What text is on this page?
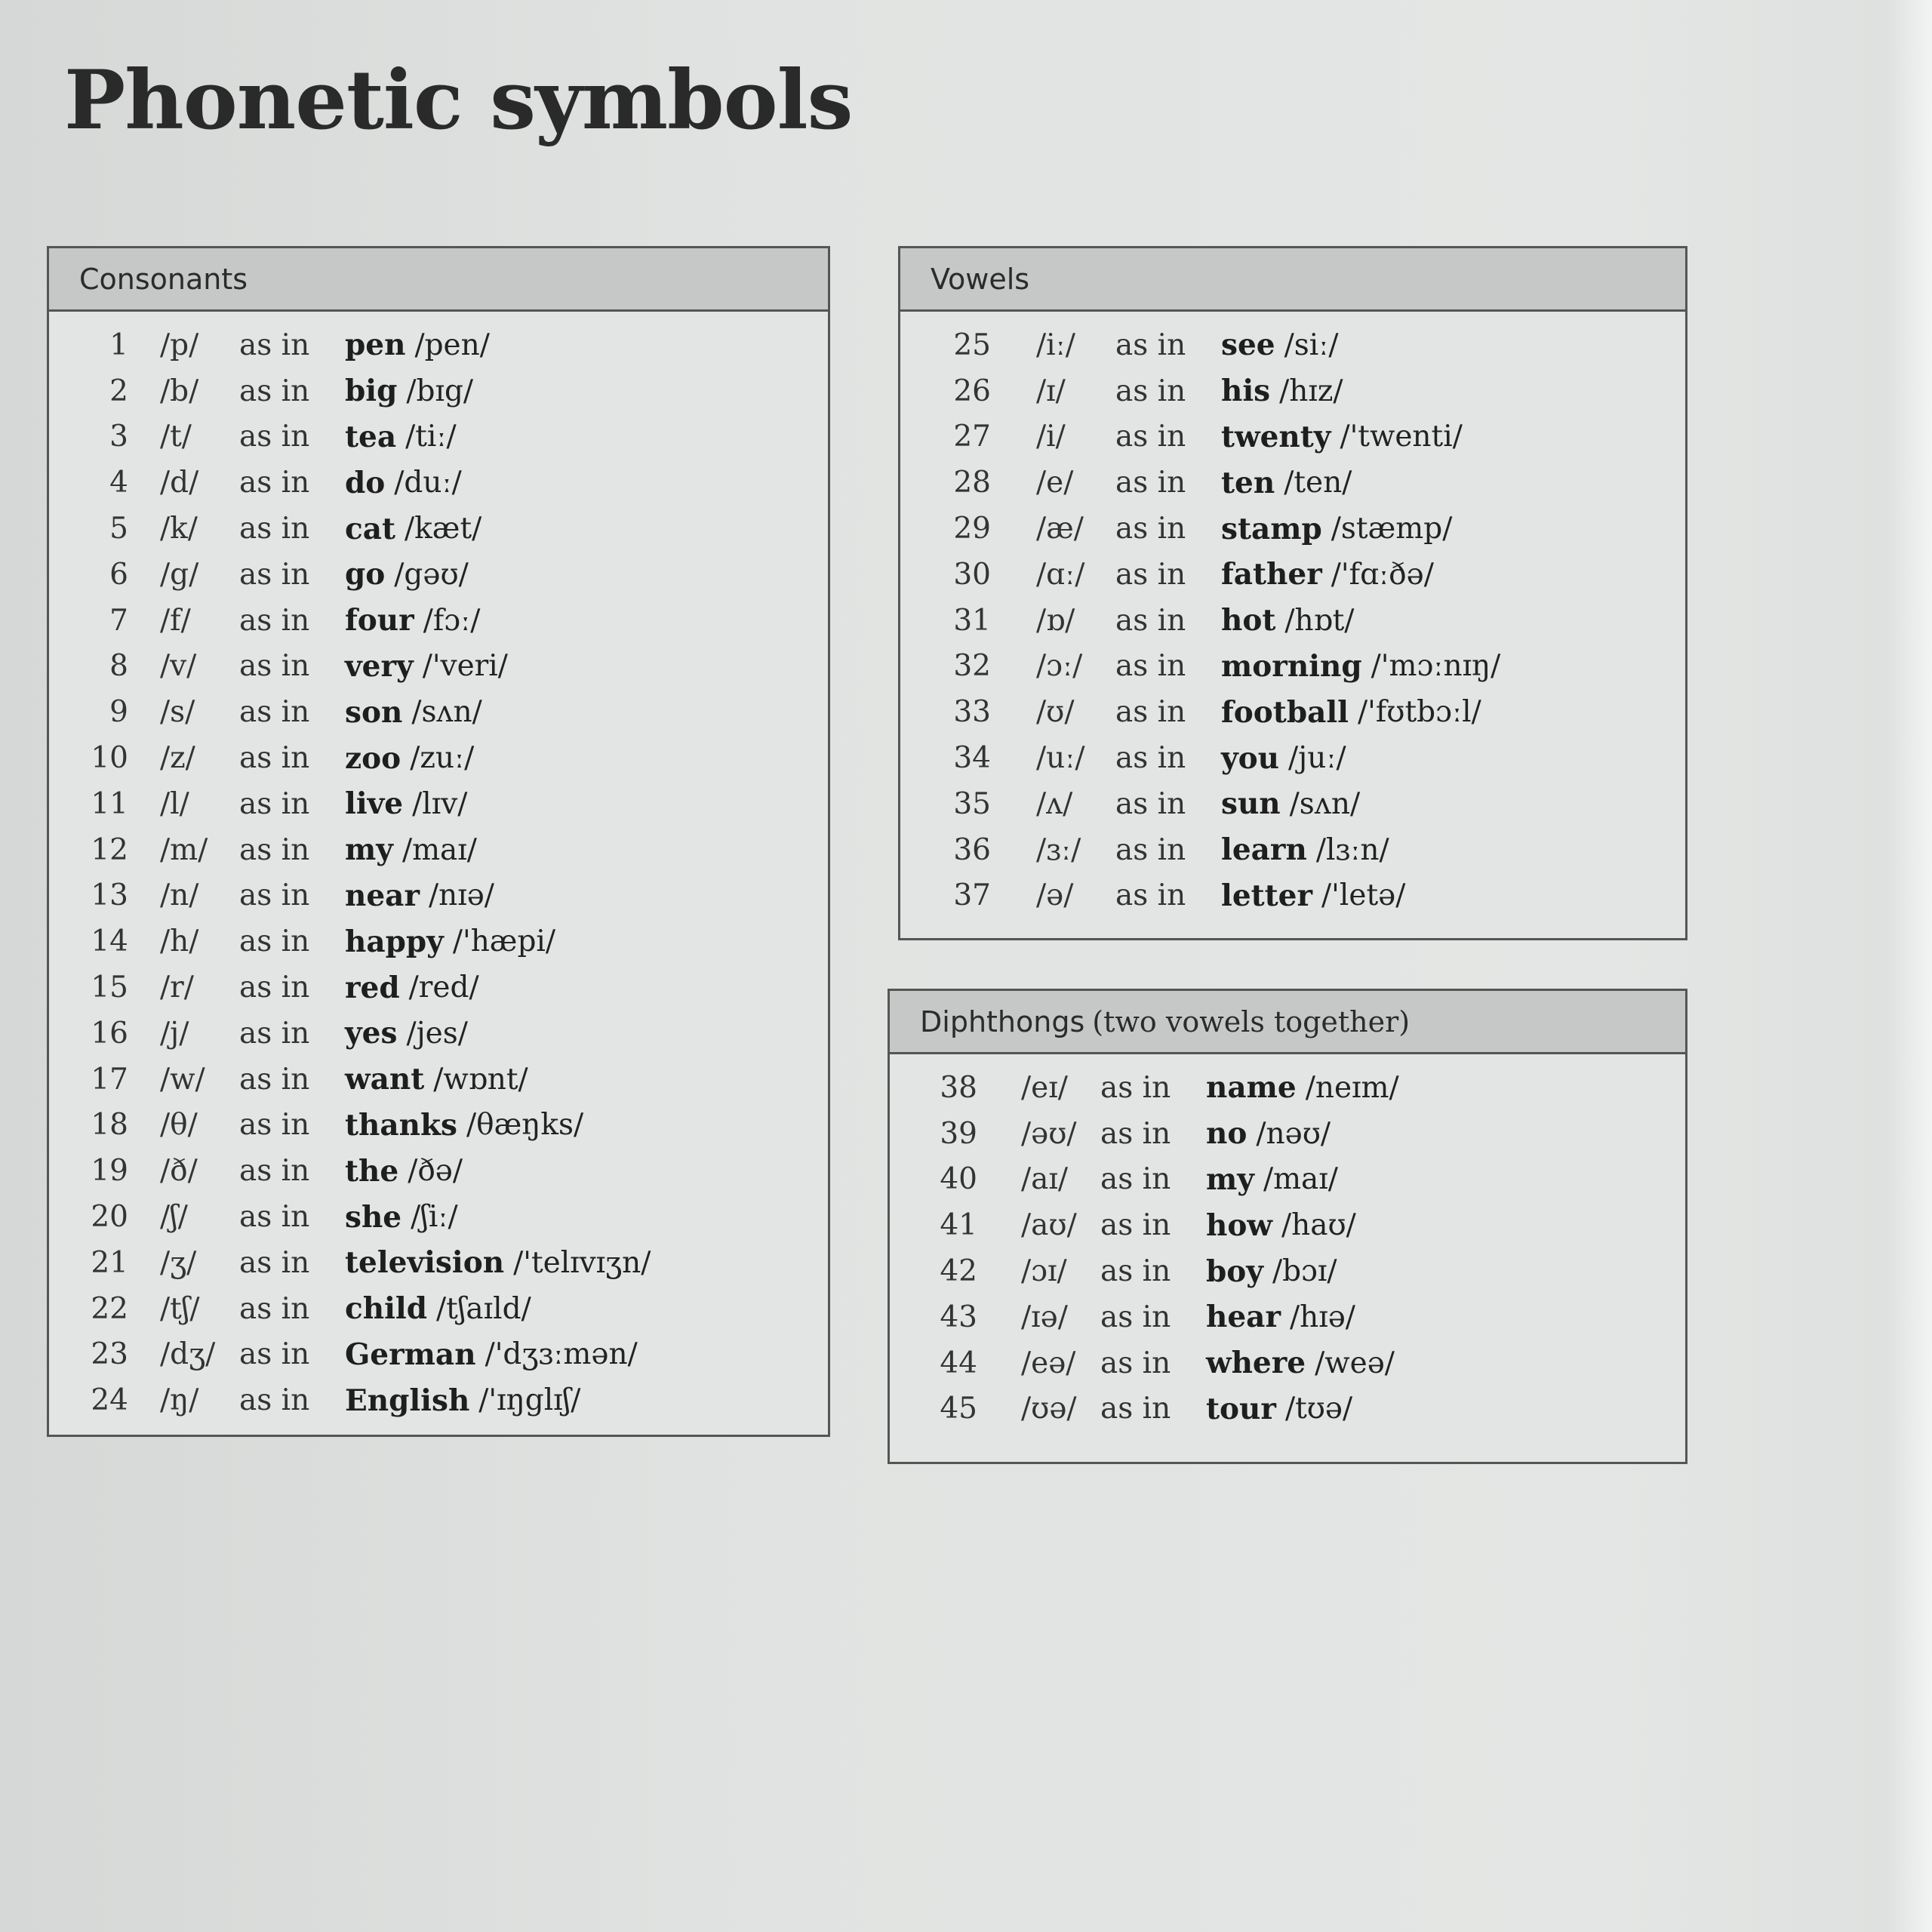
Phonetic symbols
Consonants
1	/p/	as in	pen /pen/
2	/b/	as in	big /bɪg/
3	/t/	as in	tea /tiː/
4	/d/	as in	do /duː/
5	/k/	as in	cat /kæt/
6	/g/	as in	go /gəʊ/
7	/f/	as in	four /fɔː/
8	/v/	as in	very /'veri/
9	/s/	as in	son /sʌn/
10	/z/	as in	zoo /zuː/
11	/l/	as in	live /lɪv/
12	/m/	as in	my /maɪ/
13	/n/	as in	near /nɪə/
14	/h/	as in	happy /'hæpi/
15	/r/	as in	red /red/
16	/j/	as in	yes /jes/
17	/w/	as in	want /wɒnt/
18	/θ/	as in	thanks /θæŋks/
19	/ð/	as in	the /ðə/
20	/ʃ/	as in	she /ʃiː/
21	/ʒ/	as in	television /'telɪvɪʒn/
22	/tʃ/	as in	child /tʃaɪld/
23	/dʒ/ as in	German /'dʒɜːmən/
24	/ŋ/	as in	English /'ɪŋglɪʃ/
Vowels
25	/iː/	as in	see /siː/
26	/ɪ/	as in	his /hɪz/
27	/i/	as in	twenty /'twenti/
28	/e/	as in	ten /ten/
29	/æ/	as in	stamp /stæmp/
30	/ɑː/	as in	father /'fɑːðə/
31	/ɒ/	as in	hot /hɒt/
32	/ɔː/	as in	morning /'mɔːnɪŋ/
33	/ʊ/	as in	football /'fʊtbɔːl/
34	/uː/	as in	you /juː/
35	/ʌ/	as in	sun /sʌn/
36	/ɜː/	as in	learn /lɜːn/
37	/ə/	as in	letter /'letə/
Diphthongs (two vowels together)
38	/eɪ/	as in	name /neɪm/
39	/əʊ/ as in	no /nəʊ/
40	/aɪ/	as in	my /maɪ/
41	/aʊ/ as in	how /haʊ/
42	/ɔɪ/	as in	boy /bɔɪ/
43	/ɪə/	as in	hear /hɪə/
44	/eə/ as in	where /weə/
45	/ʊə/ as in	tour /tʊə/
